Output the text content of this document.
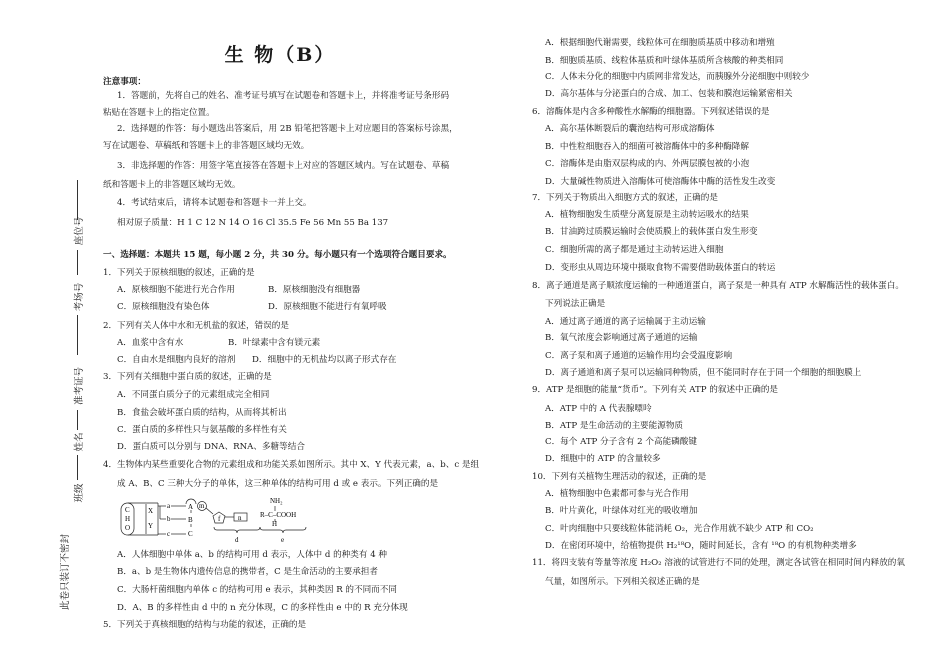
生 物（B）
座位号
考场号
准考证号
姓名
班级
此卷只装订不密封
注意事项：
1．答题前，先将自己的姓名、准考证号填写在试题卷和答题卡上，并将准考证号条形码
粘贴在答题卡上的指定位置。
2．选择题的作答：每小题选出答案后，用 2B 铅笔把答题卡上对应题目的答案标号涂黑，
写在试题卷、草稿纸和答题卡上的非答题区域均无效。
3．非选择题的作答：用签字笔直接答在答题卡上对应的答题区域内。写在试题卷、草稿
纸和答题卡上的非答题区域均无效。
4．考试结束后，请将本试题卷和答题卡一并上交。
相对原子质量：H 1 C 12 N 14 O 16 Cl 35.5 Fe 56 Mn 55 Ba 137
一、选择题：本题共 15 题，每小题 2 分，共 30 分。每小题只有一个选项符合题目要求。
1．下列关于原核细胞的叙述，正确的是
A．原核细胞不能进行光合作用	B．原核细胞没有细胞器
C．原核细胞没有染色体	D．原核细胞不能进行有氧呼吸
2．下列有关人体中水和无机盐的叙述，错误的是
A．血浆中含有水	B．叶绿素中含有镁元素
C．自由水是细胞内良好的溶剂 D．细胞中的无机盐均以离子形式存在
3．下列有关细胞中蛋白质的叙述，正确的是
A．不同蛋白质分子的元素组成完全相同
B．食盐会破坏蛋白质的结构，从而将其析出
C．蛋白质的多样性只与氨基酸的多样性有关
D．蛋白质可以分别与 DNA、RNA、多糖等结合
4．生物体内某些重要化合物的元素组成和功能关系如图所示。其中 X、Y 代表元素，a、b、c 是组
成 A、B、C 三种大分子的单体，这三种单体的结构可用 d 或 e 表示。下列正确的是
A．人体细胞中单体 a、b 的结构可用 d 表示，人体中 d 的种类有 4 种
B．a、b 是生物体内遗传信息的携带者，C 是生命活动的主要承担者
C．大肠杆菌细胞内单体 c 的结构可用 e 表示，其种类因 R 的不同而不同
D．A、B 的多样性由 d 中的 n 充分体现，C 的多样性由 e 中的 R 充分体现
5．下列关于真核细胞的结构与功能的叙述，正确的是
A．根据细胞代谢需要，线粒体可在细胞质基质中移动和增殖
B．细胞质基质、线粒体基质和叶绿体基质所含核酸的种类相同
C．人体未分化的细胞中内质网非常发达，而胰腺外分泌细胞中则较少
D．高尔基体与分泌蛋白的合成、加工、包装和膜泡运输紧密相关
6．溶酶体是内含多种酸性水解酶的细胞器。下列叙述错误的是
A．高尔基体断裂后的囊泡结构可形成溶酶体
B．中性粒细胞吞入的细菌可被溶酶体中的多种酶降解
C．溶酶体是由脂双层构成的内、外两层膜包被的小泡
D．大量碱性物质进入溶酶体可使溶酶体中酶的活性发生改变
7．下列关于物质出入细胞方式的叙述，正确的是
A．植物细胞发生质壁分离复原是主动转运吸水的结果
B．甘油跨过质膜运输时会使质膜上的载体蛋白发生形变
C．细胞所需的离子都是通过主动转运进入细胞
D．变形虫从周边环境中摄取食物不需要借助载体蛋白的转运
8．离子通道是离子顺浓度运输的一种通道蛋白，离子泵是一种具有 ATP 水解酶活性的载体蛋白。
下列说法正确是
A．通过离子通道的离子运输属于主动运输
B．氧气浓度会影响通过离子通道的运输
C．离子泵和离子通道的运输作用均会受温度影响
D．离子通道和离子泵可以运输同种物质，但不能同时存在于同一个细胞的细胞膜上
9．ATP 是细胞的能量“货币”。下列有关 ATP 的叙述中正确的是
A．ATP 中的 A 代表腺嘌呤
B．ATP 是生命活动的主要能源物质
C．每个 ATP 分子含有 2 个高能磷酸键
D．细胞中的 ATP 的含量较多
10．下列有关植物生理活动的叙述，正确的是
A．植物细胞中色素都可参与光合作用
B．叶片黄化，叶绿体对红光的吸收增加
C．叶肉细胞中只要线粒体能消耗 O₂，光合作用就不缺少 ATP 和 CO₂
D．在密闭环境中，给植物提供 H₂¹⁸O，随时间延长，含有 ¹⁸O 的有机物种类增多
11．将四支装有等量等浓度 H₂O₂ 溶液的试管进行不同的处理，测定各试管在相同时间内释放的氧
气量，如图所示。下列相关叙述正确的是
C
H
O
X
Y
a
b
c
A
B
C
m
f	n
d
NH₂
R–C–COOH
H
e
